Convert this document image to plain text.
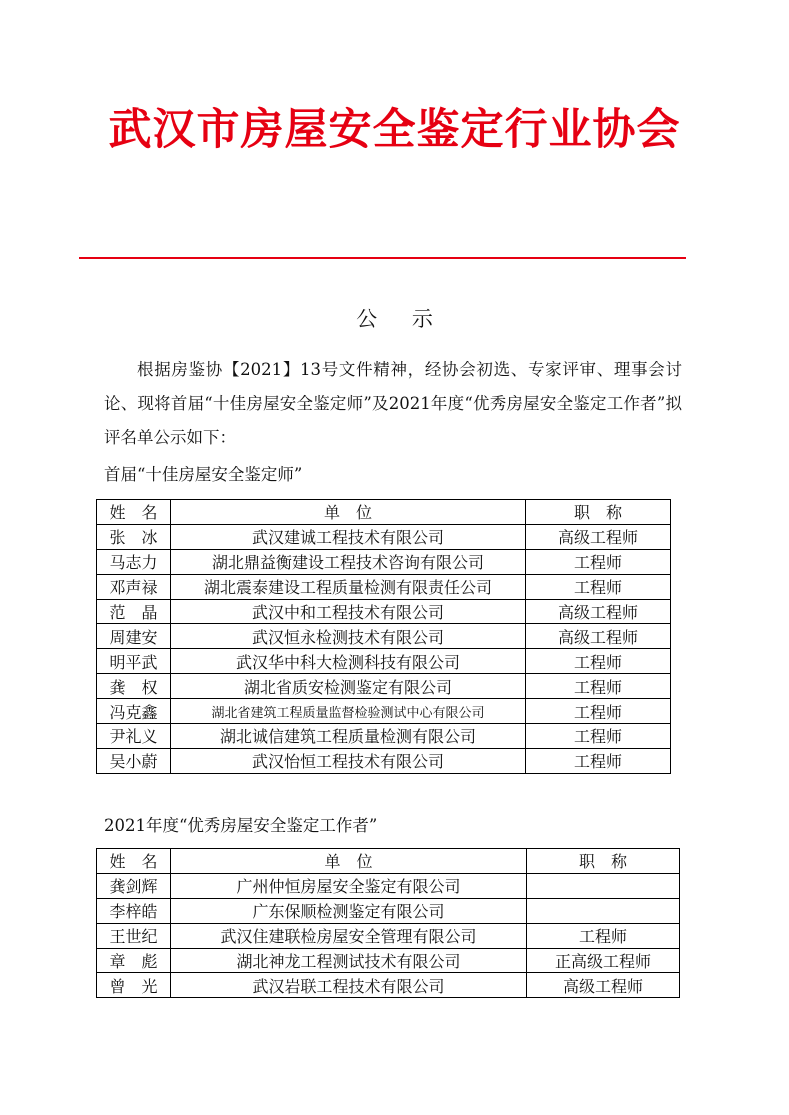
武汉市房屋安全鉴定行业协会
公 示

根据房鉴协【2021】13号文件精神，经协会初选、专家评审、理事会讨论、现将首届“十佳房屋安全鉴定师”及2021年度“优秀房屋安全鉴定工作者”拟评名单公示如下：

首届“十佳房屋安全鉴定师”

姓　名	单　位	职　称
张　冰	武汉建诚工程技术有限公司	高级工程师
马志力	湖北鼎益衡建设工程技术咨询有限公司	工程师
邓声禄	湖北震泰建设工程质量检测有限责任公司	工程师
范　晶	武汉中和工程技术有限公司	高级工程师
周建安	武汉恒永检测技术有限公司	高级工程师
明平武	武汉华中科大检测科技有限公司	工程师
龚　权	湖北省质安检测鉴定有限公司	工程师
冯克鑫	湖北省建筑工程质量监督检验测试中心有限公司	工程师
尹礼义	湖北诚信建筑工程质量检测有限公司	工程师
吴小蔚	武汉怡恒工程技术有限公司	工程师

2021年度“优秀房屋安全鉴定工作者”

姓　名	单　位	职　称
龚剑辉	广州仲恒房屋安全鉴定有限公司	
李梓皓	广东保顺检测鉴定有限公司	
王世纪	武汉住建联检房屋安全管理有限公司	工程师
章　彪	湖北神龙工程测试技术有限公司	正高级工程师
曾　光	武汉岩联工程技术有限公司	高级工程师
